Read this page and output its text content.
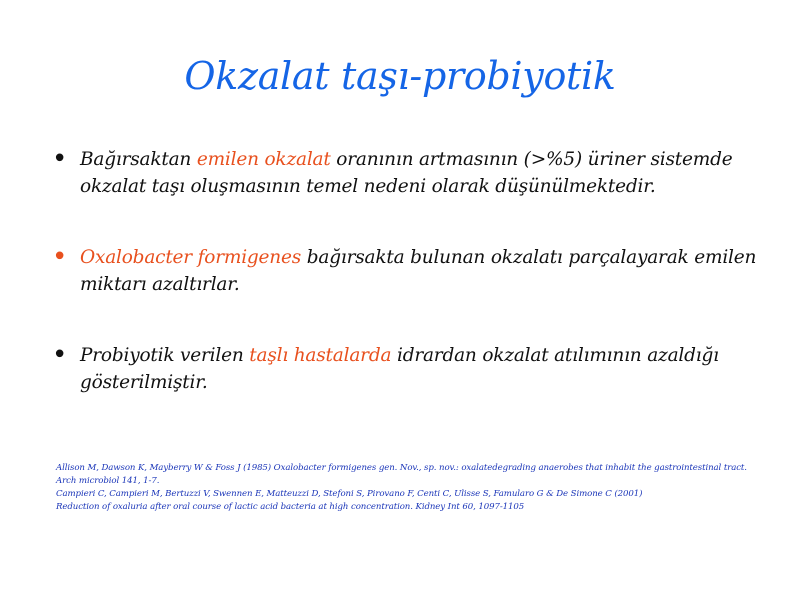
Okzalat taşı-probiyotik
• Bağırsaktan emilen okzalat oranının artmasının (>%5) üriner sistemde okzalat taşı oluşmasının temel nedeni olarak düşünülmektedir.
• Oxalobacter formigenes bağırsakta bulunan okzalatı parçalayarak emilen miktarı azaltırlar.
• Probiyotik verilen taşlı hastalarda idrardan okzalat atılımının azaldığı gösterilmiştir.
Allison M, Dawson K, Mayberry W & Foss J (1985) Oxalobacter formigenes gen. Nov., sp. nov.: oxalatedegrading anaerobes that inhabit the gastrointestinal tract. Arch microbiol 141, 1-7.
Campieri C, Campieri M, Bertuzzi V, Swennen E, Matteuzzi D, Stefoni S, Pirovano F, Centi C, Ulisse S, Famularo G & De Simone C (2001)
Reduction of oxaluria after oral course of lactic acid bacteria at high concentration. Kidney Int 60, 1097-1105
